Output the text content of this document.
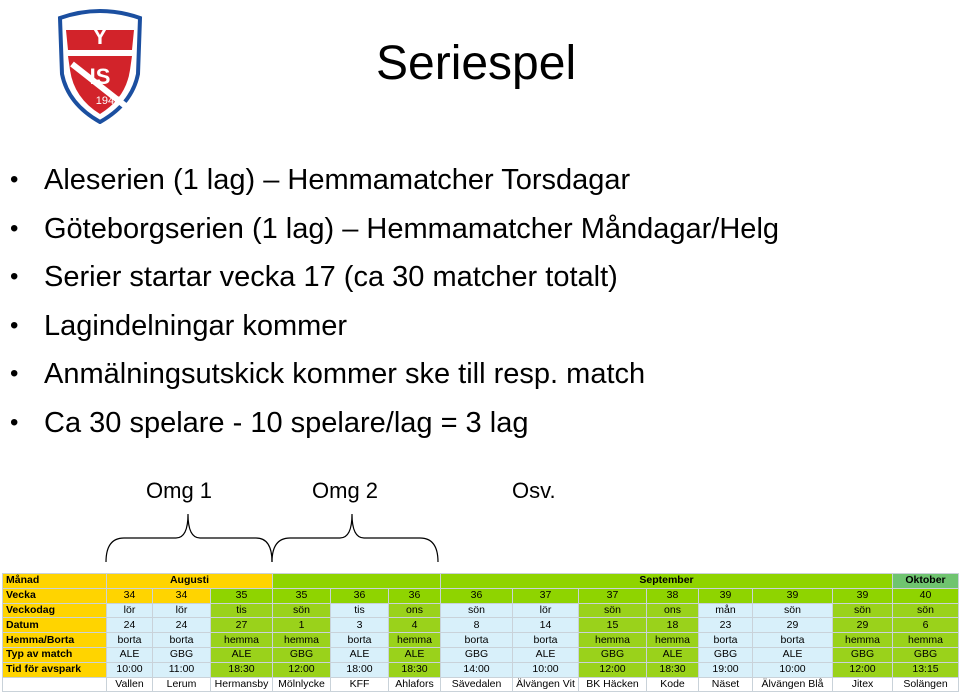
Y
IS
1947
Seriespel
• Aleserien (1 lag) – Hemmamatcher Torsdagar
• Göteborgserien (1 lag) – Hemmamatcher Måndagar/Helg
• Serier startar vecka 17 (ca 30 matcher totalt)
• Lagindelningar kommer
• Anmälningsutskick kommer ske till resp. match
• Ca 30 spelare - 10 spelare/lag = 3 lag
Omg 1	Omg 2	Osv.
Månad	Augusti						September							Oktober
Vecka	34	34	35	35	36	36	36	37	37	38	39	39	39	40
Veckodag	lör	lör	tis	sön	tis	ons	sön	lör	sön	ons	mån	sön	sön	sön
Datum	24	24	27	1	3	4	8	14	15	18	23	29	29	6
Hemma/Borta	borta	borta	hemma	hemma	borta	hemma	borta	borta	hemma	hemma	borta	borta	hemma	hemma
Typ av match	ALE	GBG	ALE	GBG	ALE	ALE	GBG	ALE	GBG	ALE	GBG	ALE	GBG	GBG
Tid för avspark	10:00	11:00	18:30	12:00	18:00	18:30	14:00	10:00	12:00	18:30	19:00	10:00	12:00	13:15
	Vallen	Lerum	Hermansby	Mölnlycke	KFF	Ahlafors	Sävedalen	Älvängen Vit	BK Häcken	Kode	Näset	Älvängen Blå	Jitex	Solängen
